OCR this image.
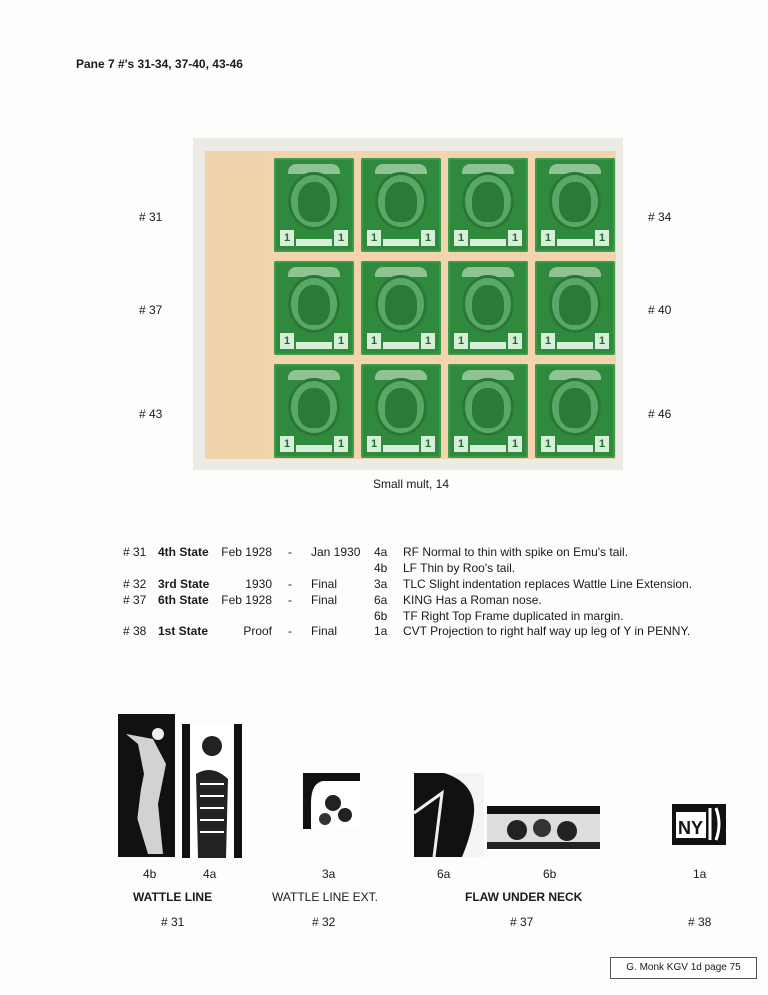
Pane 7 #'s 31-34, 37-40, 43-46
1	1	1	1	1	1	1	1
1	1	1	1	1	1	1	1
1	1	1	1	1	1	1	1
# 31
# 37
# 43
# 34
# 40
# 46
Small mult, 14
# 31 4th State Feb 1928 - Jan 1930 4a RF Normal to thin with spike on Emu's tail.
4b LF Thin by Roo's tail.
# 32 3rd State	1930 - Final	3a TLC Slight indentation replaces Wattle Line Extension.
# 37 6th State Feb 1928 - Final	6a KING Has a Roman nose.
6b TF Right Top Frame duplicated in margin.
# 38 1st State	Proof - Final	1a CVT Projection to right half way up leg of Y in PENNY.
NY
4b	4a	3a	6a	6b	1a
WATTLE LINE	WATTLE LINE EXT.	FLAW UNDER NECK
# 31	# 32	# 37	# 38
G. Monk KGV 1d page 75
